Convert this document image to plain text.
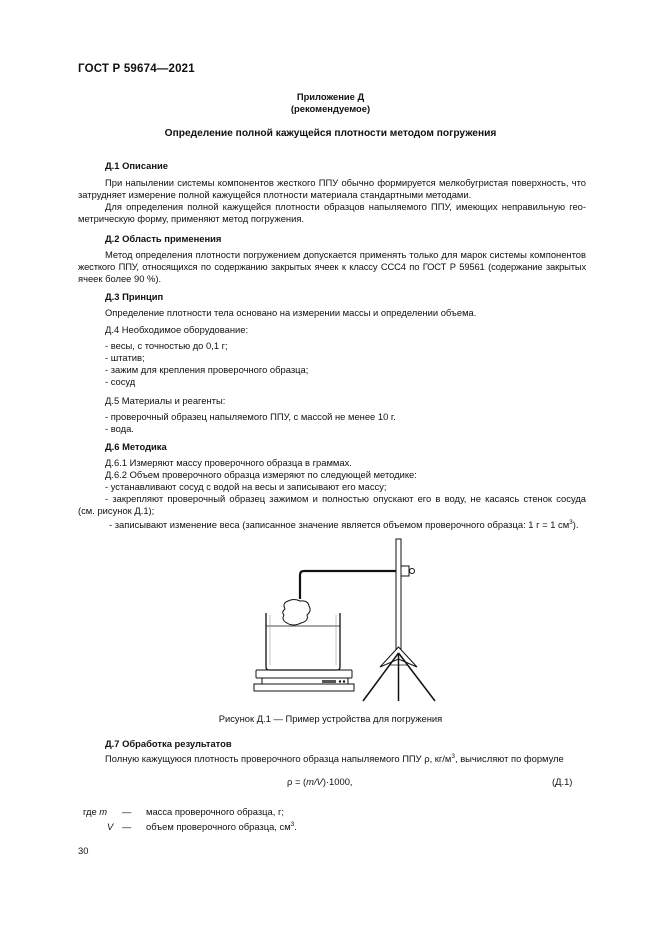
ГОСТ Р 59674—2021
Приложение Д
(рекомендуемое)
Определение полной кажущейся плотности методом погружения
Д.1 Описание
При напылении системы компонентов жесткого ППУ обычно формируется мелкобугристая поверхность, что
затрудняет измерение полной кажущейся плотности материала стандартными методами.
Для определения полной кажущейся плотности образцов напыляемого ППУ, имеющих неправильную гео-
метрическую форму, применяют метод погружения.
Д.2 Область применения
Метод определения плотности погружением допускается применять только для марок системы компонентов
жесткого ППУ, относящихся по содержанию закрытых ячеек к классу ССС4 по ГОСТ Р 59561 (содержание закрытых
ячеек более 90 %).
Д.3 Принцип
Определение плотности тела основано на измерении массы и определении объема.
Д.4 Необходимое оборудование:
- весы, с точностью до 0,1 г;
- штатив;
- зажим для крепления проверочного образца;
- сосуд
Д.5 Материалы и реагенты:
- проверочный образец напыляемого ППУ, с массой не менее 10 г.
- вода.
Д.6 Методика
Д.6.1 Измеряют массу проверочного образца в граммах.
Д.6.2 Объем проверочного образца измеряют по следующей методике:
- устанавливают сосуд с водой на весы и записывают его массу;
- закрепляют проверочный образец зажимом и полностью опускают его в воду, не касаясь стенок сосуда
(см. рисунок Д.1);
- записывают изменение веса (записанное значение является объемом проверочного образца: 1 г = 1 $см^3$).
Рисунок Д.1 — Пример устройства для погружения
Д.7 Обработка результатов
Полную кажущуюся плотность проверочного образца напыляемого ППУ ρ, $кг/м^3$, вычисляют по формуле
ρ = (m/V)·1000,	(Д.1)
где m — масса проверочного образца, г;
V — объем проверочного образца, $см^3$.
30
